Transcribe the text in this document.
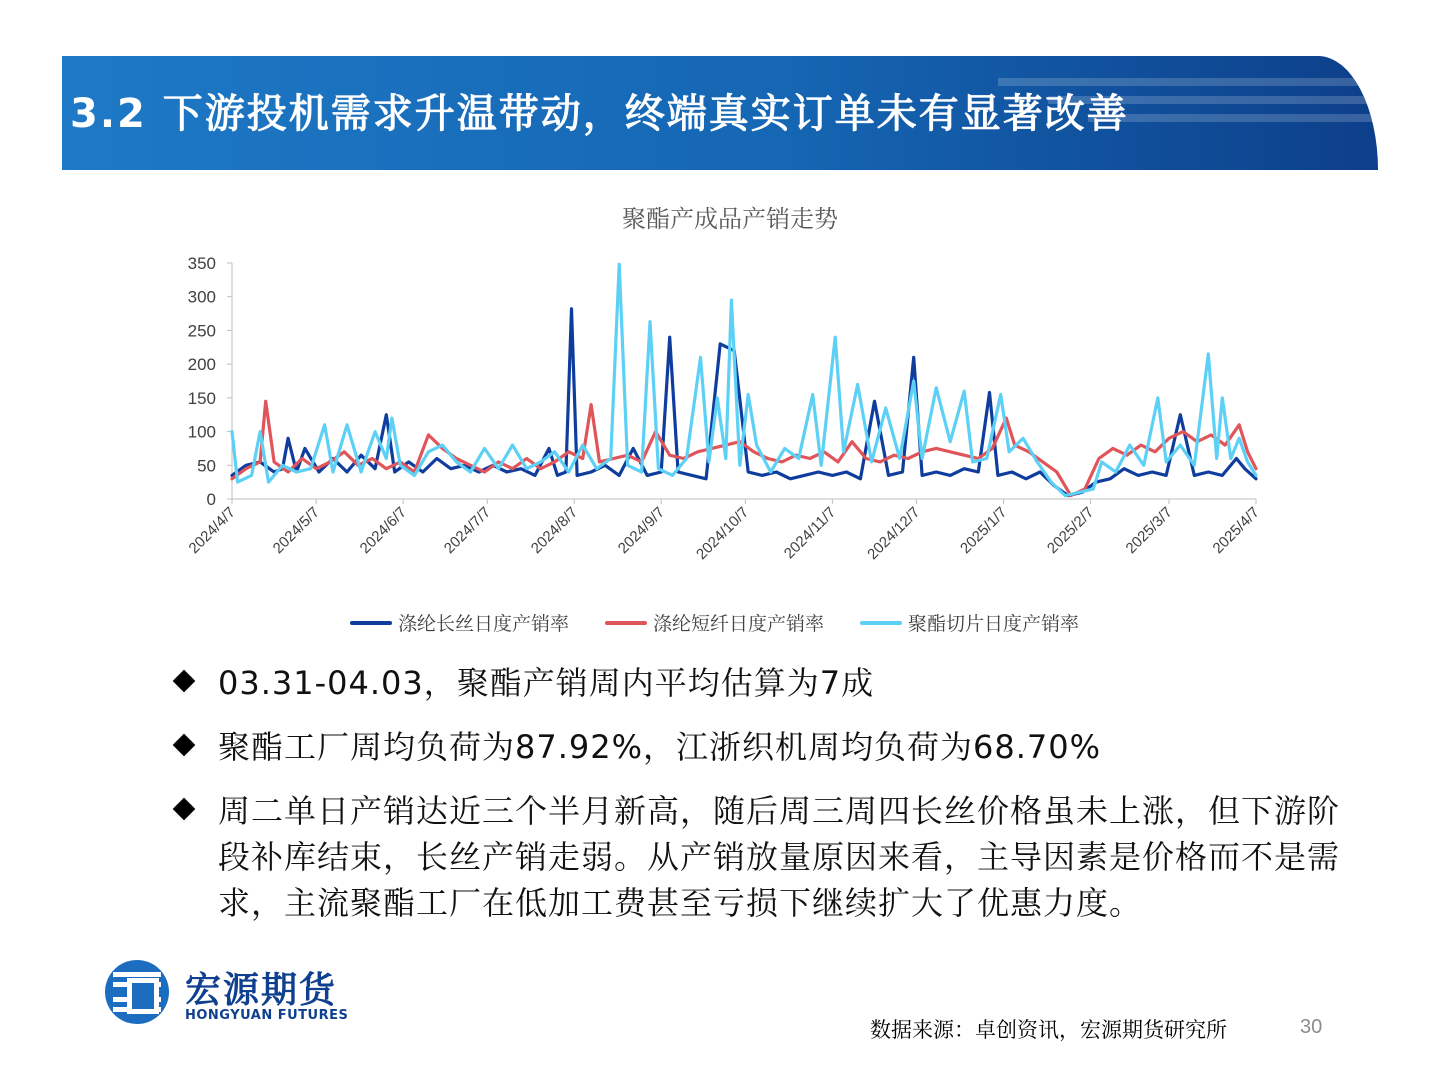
3.2 下游投机需求升温带动，终端真实订单未有显著改善
0
50
100
150
200
250
300
350
2024/4/7 2024/5/7 2024/6/7 2024/7/7 2024/8/7 2024/9/7 2024/10/7 2024/11/7 2024/12/7 2025/1/7 2025/2/7 2025/3/7 2025/4/7
聚酯产成品产销走势
涤纶长丝日度产销率	涤纶短纤日度产销率	聚酯切片日度产销率
03.31-04.03，聚酯产销周内平均估算为7成
聚酯工厂周均负荷为87.92%，江浙织机周均负荷为68.70%
周二单日产销达近三个半月新高，随后周三周四长丝价格虽未上涨，但下游阶段补库结束，长丝产销走弱。从产销放量原因来看，主导因素是价格而不是需求，主流聚酯工厂在低加工费甚至亏损下继续扩大了优惠力度。
宏源期货
HONGYUAN FUTURES
数据来源：卓创资讯，宏源期货研究所	30
